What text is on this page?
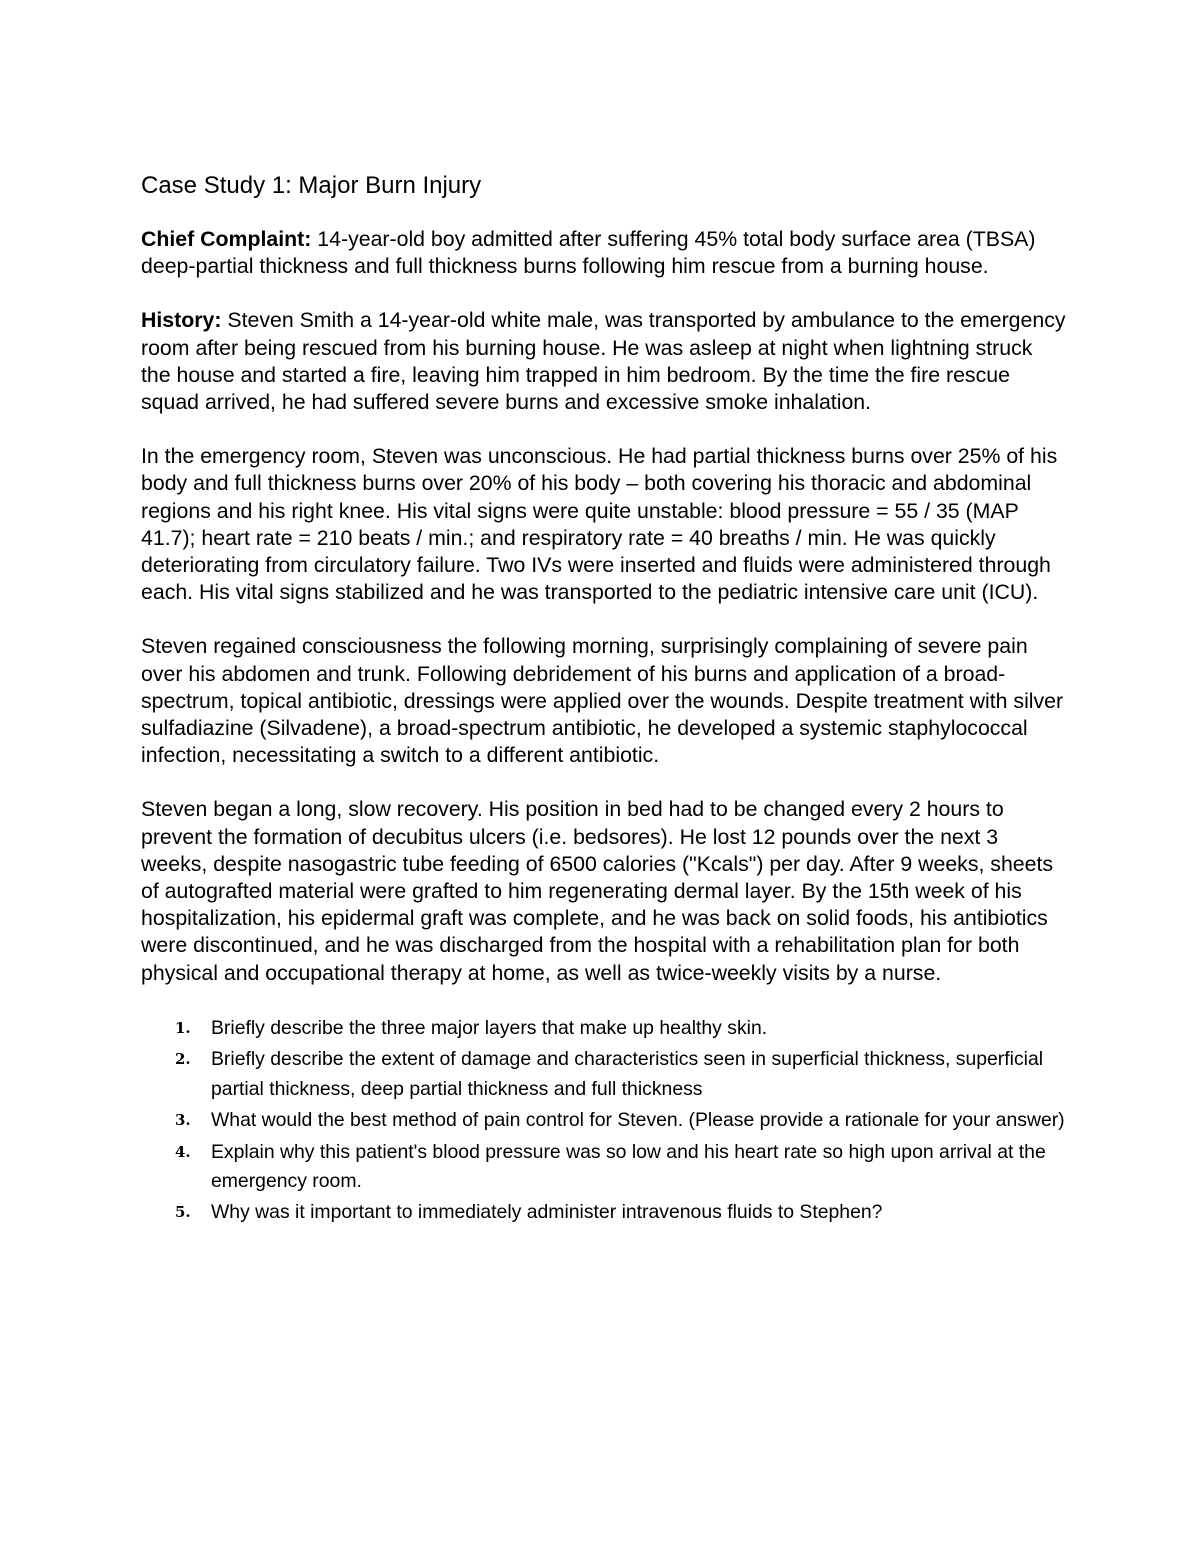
Case Study 1: Major Burn Injury

Chief Complaint: 14-year-old boy admitted after suffering 45% total body surface area (TBSA) deep-partial thickness and full thickness burns following him rescue from a burning house.

History: Steven Smith a 14-year-old white male, was transported by ambulance to the emergency room after being rescued from his burning house. He was asleep at night when lightning struck the house and started a fire, leaving him trapped in him bedroom. By the time the fire rescue squad arrived, he had suffered severe burns and excessive smoke inhalation.

In the emergency room, Steven was unconscious. He had partial thickness burns over 25% of his body and full thickness burns over 20% of his body – both covering his thoracic and abdominal regions and his right knee. His vital signs were quite unstable: blood pressure = 55 / 35 (MAP 41.7); heart rate = 210 beats / min.; and respiratory rate = 40 breaths / min. He was quickly deteriorating from circulatory failure. Two IVs were inserted and fluids were administered through each. His vital signs stabilized and he was transported to the pediatric intensive care unit (ICU).

Steven regained consciousness the following morning, surprisingly complaining of severe pain over his abdomen and trunk. Following debridement of his burns and application of a broad-spectrum, topical antibiotic, dressings were applied over the wounds. Despite treatment with silver sulfadiazine (Silvadene), a broad-spectrum antibiotic, he developed a systemic staphylococcal infection, necessitating a switch to a different antibiotic.

Steven began a long, slow recovery. His position in bed had to be changed every 2 hours to prevent the formation of decubitus ulcers (i.e. bedsores). He lost 12 pounds over the next 3 weeks, despite nasogastric tube feeding of 6500 calories ("Kcals") per day. After 9 weeks, sheets of autografted material were grafted to him regenerating dermal layer. By the 15th week of his hospitalization, his epidermal graft was complete, and he was back on solid foods, his antibiotics were discontinued, and he was discharged from the hospital with a rehabilitation plan for both physical and occupational therapy at home, as well as twice-weekly visits by a nurse.

1. Briefly describe the three major layers that make up healthy skin.
2. Briefly describe the extent of damage and characteristics seen in superficial thickness, superficial partial thickness, deep partial thickness and full thickness
3. What would the best method of pain control for Steven. (Please provide a rationale for your answer)
4. Explain why this patient's blood pressure was so low and his heart rate so high upon arrival at the emergency room.
5. Why was it important to immediately administer intravenous fluids to Stephen?
